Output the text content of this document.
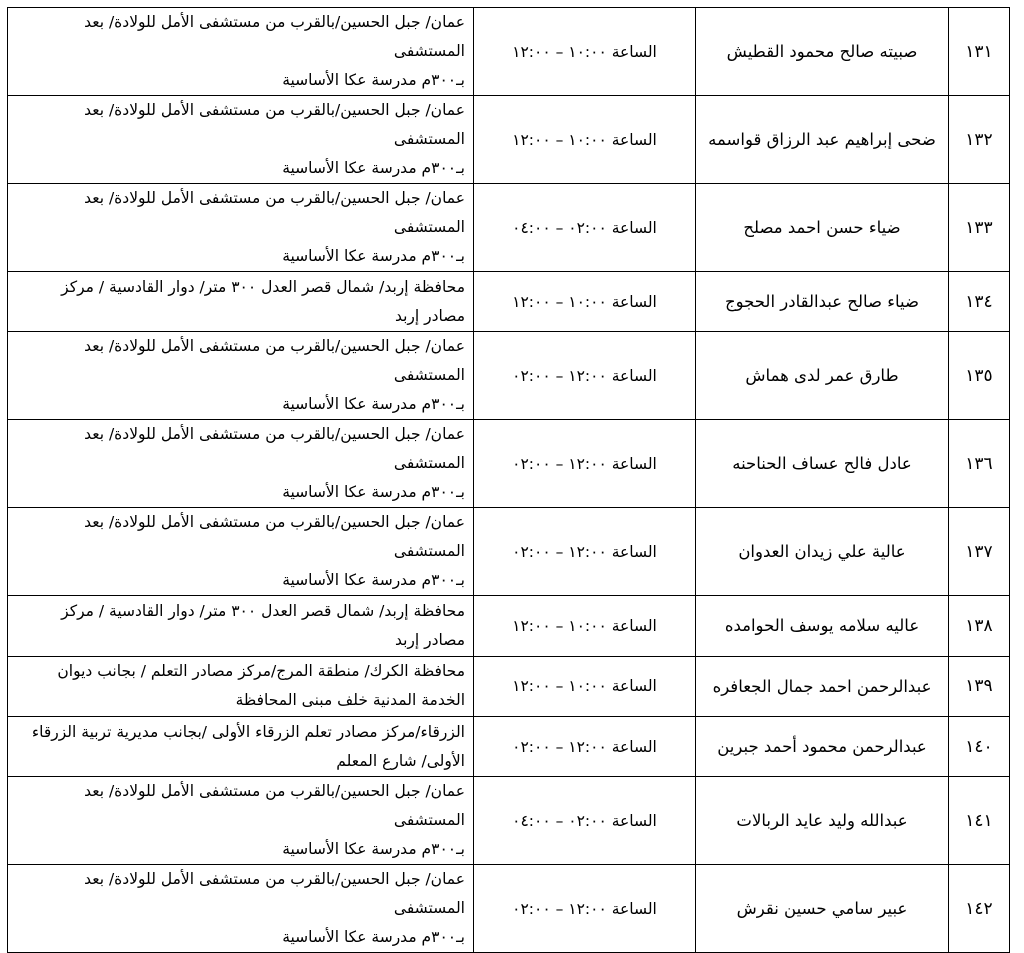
١٣١	صبيته صالح محمود القطيش	الساعة ١٠:٠٠ – ١٢:٠٠	عمان/ جبل الحسين/بالقرب من مستشفى الأمل للولادة/ بعد المستشفى
بـ٣٠٠م مدرسة عكا الأساسية

١٣٢	ضحى إبراهيم عبد الرزاق قواسمه	الساعة ١٠:٠٠ – ١٢:٠٠	عمان/ جبل الحسين/بالقرب من مستشفى الأمل للولادة/ بعد المستشفى
بـ٣٠٠م مدرسة عكا الأساسية

١٣٣	ضياء حسن احمد مصلح	الساعة ٠٢:٠٠ – ٠٤:٠٠	عمان/ جبل الحسين/بالقرب من مستشفى الأمل للولادة/ بعد المستشفى
بـ٣٠٠م مدرسة عكا الأساسية

١٣٤	ضياء صالح عبدالقادر الحجوج	الساعة ١٠:٠٠ – ١٢:٠٠	محافظة إربد/ شمال قصر العدل ٣٠٠ متر/ دوار القادسية / مركز
مصادر إربد

١٣٥	طارق عمر لدى هماش	الساعة ١٢:٠٠ – ٠٢:٠٠	عمان/ جبل الحسين/بالقرب من مستشفى الأمل للولادة/ بعد المستشفى
بـ٣٠٠م مدرسة عكا الأساسية

١٣٦	عادل فالح عساف الحناحنه	الساعة ١٢:٠٠ – ٠٢:٠٠	عمان/ جبل الحسين/بالقرب من مستشفى الأمل للولادة/ بعد المستشفى
بـ٣٠٠م مدرسة عكا الأساسية

١٣٧	عالية علي زيدان العدوان	الساعة ١٢:٠٠ – ٠٢:٠٠	عمان/ جبل الحسين/بالقرب من مستشفى الأمل للولادة/ بعد المستشفى
بـ٣٠٠م مدرسة عكا الأساسية

١٣٨	عاليه سلامه يوسف الحوامده	الساعة ١٠:٠٠ – ١٢:٠٠	محافظة إربد/ شمال قصر العدل ٣٠٠ متر/ دوار القادسية / مركز
مصادر إربد

١٣٩	عبدالرحمن احمد جمال الجعافره	الساعة ١٠:٠٠ – ١٢:٠٠	محافظة الكرك/ منطقة المرج/مركز مصادر التعلم / بجانب ديوان
الخدمة المدنية خلف مبنى المحافظة

١٤٠	عبدالرحمن محمود أحمد جبرين	الساعة ١٢:٠٠ – ٠٢:٠٠	الزرقاء/مركز مصادر تعلم الزرقاء الأولى /بجانب مديرية تربية الزرقاء
الأولى/ شارع المعلم

١٤١	عبدالله وليد عايد الربالات	الساعة ٠٢:٠٠ – ٠٤:٠٠	عمان/ جبل الحسين/بالقرب من مستشفى الأمل للولادة/ بعد المستشفى
بـ٣٠٠م مدرسة عكا الأساسية

١٤٢	عبير سامي حسين نقرش	الساعة ١٢:٠٠ – ٠٢:٠٠	عمان/ جبل الحسين/بالقرب من مستشفى الأمل للولادة/ بعد المستشفى
بـ٣٠٠م مدرسة عكا الأساسية
